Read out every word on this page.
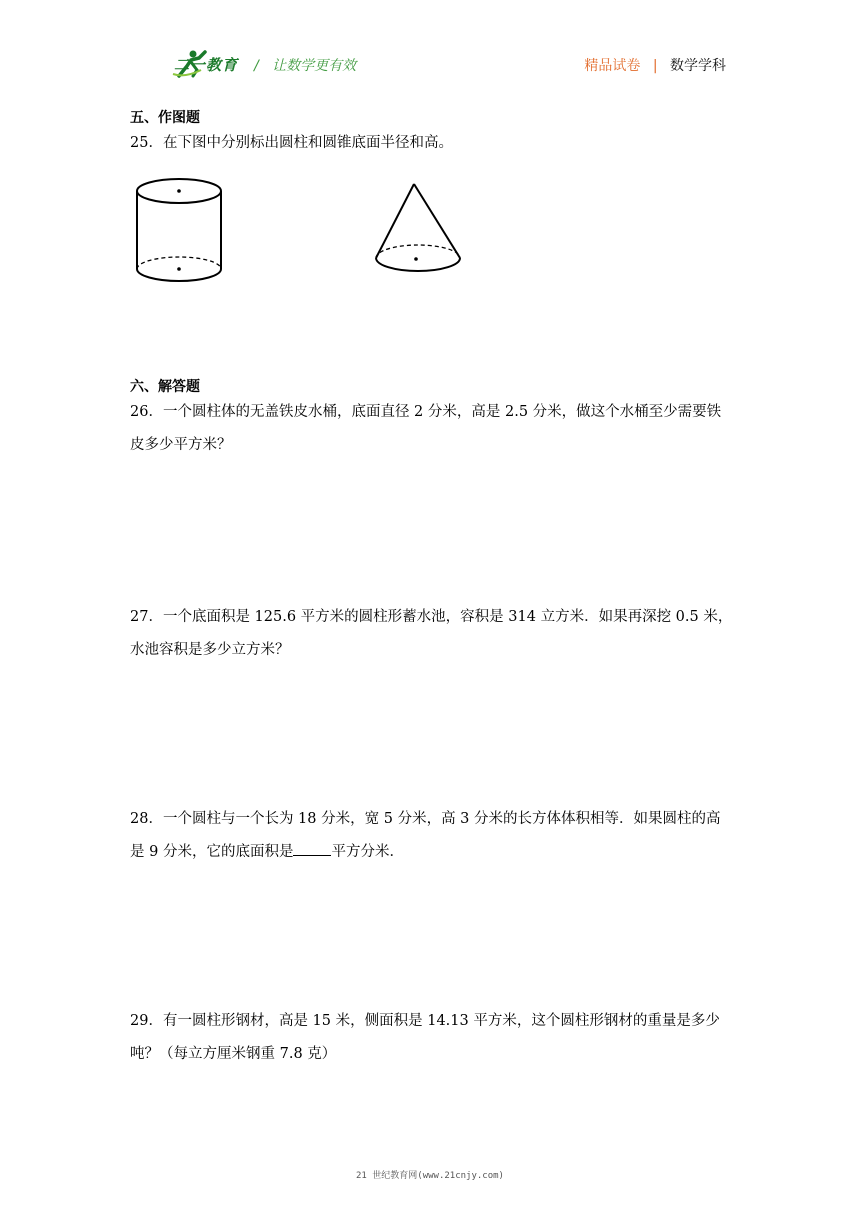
二一教育 / 让数学更有效	精品试卷 | 数学学科
五、作图题
25．在下图中分别标出圆柱和圆锥底面半径和高。
六、解答题
26．一个圆柱体的无盖铁皮水桶，底面直径 2 分米，高是 2.5 分米，做这个水桶至少需要铁皮多少平方米？
27．一个底面积是 125.6 平方米的圆柱形蓄水池，容积是 314 立方米．如果再深挖 0.5 米，水池容积是多少立方米？
28．一个圆柱与一个长为 18 分米，宽 5 分米，高 3 分米的长方体体积相等．如果圆柱的高是 9 分米，它的底面积是	平方分米．
29．有一圆柱形钢材，高是 15 米，侧面积是 14.13 平方米，这个圆柱形钢材的重量是多少吨？（每立方厘米钢重 7.8 克）
21 世纪教育网(www.21cnjy.com)
